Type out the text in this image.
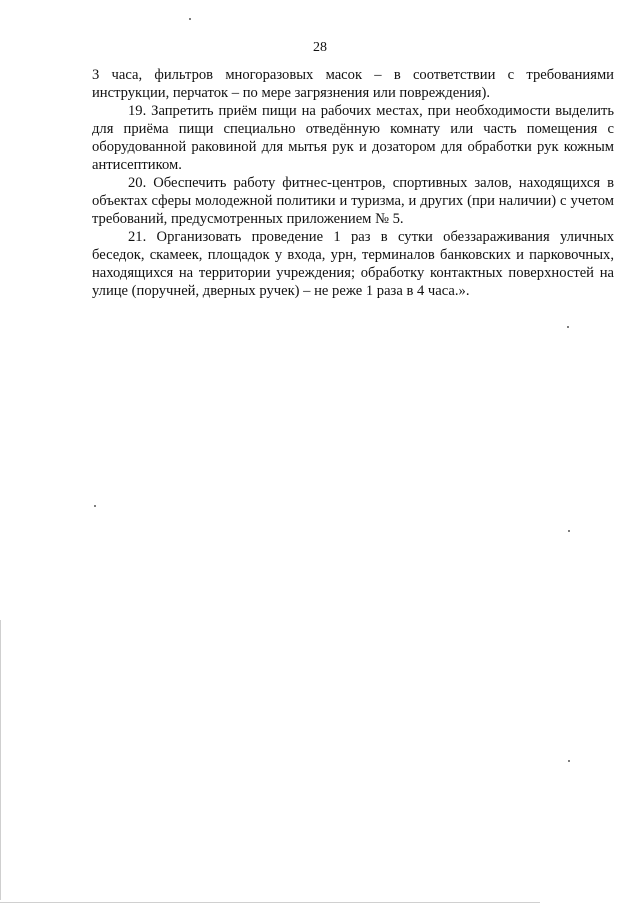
28

3 часа, фильтров многоразовых масок – в соответствии с требованиями инструкции, перчаток – по мере загрязнения или повреждения).

19. Запретить приём пищи на рабочих местах, при необходимости выделить для приёма пищи специально отведённую комнату или часть помещения с оборудованной раковиной для мытья рук и дозатором для обработки рук кожным антисептиком.

20. Обеспечить работу фитнес-центров, спортивных залов, находящихся в объектах сферы молодежной политики и туризма, и других (при наличии) с учетом требований, предусмотренных приложением № 5.

21. Организовать проведение 1 раз в сутки обеззараживания уличных беседок, скамеек, площадок у входа, урн, терминалов банковских и парковочных, находящихся на территории учреждения; обработку контактных поверхностей на улице (поручней, дверных ручек) – не реже 1 раза в 4 часа.».
